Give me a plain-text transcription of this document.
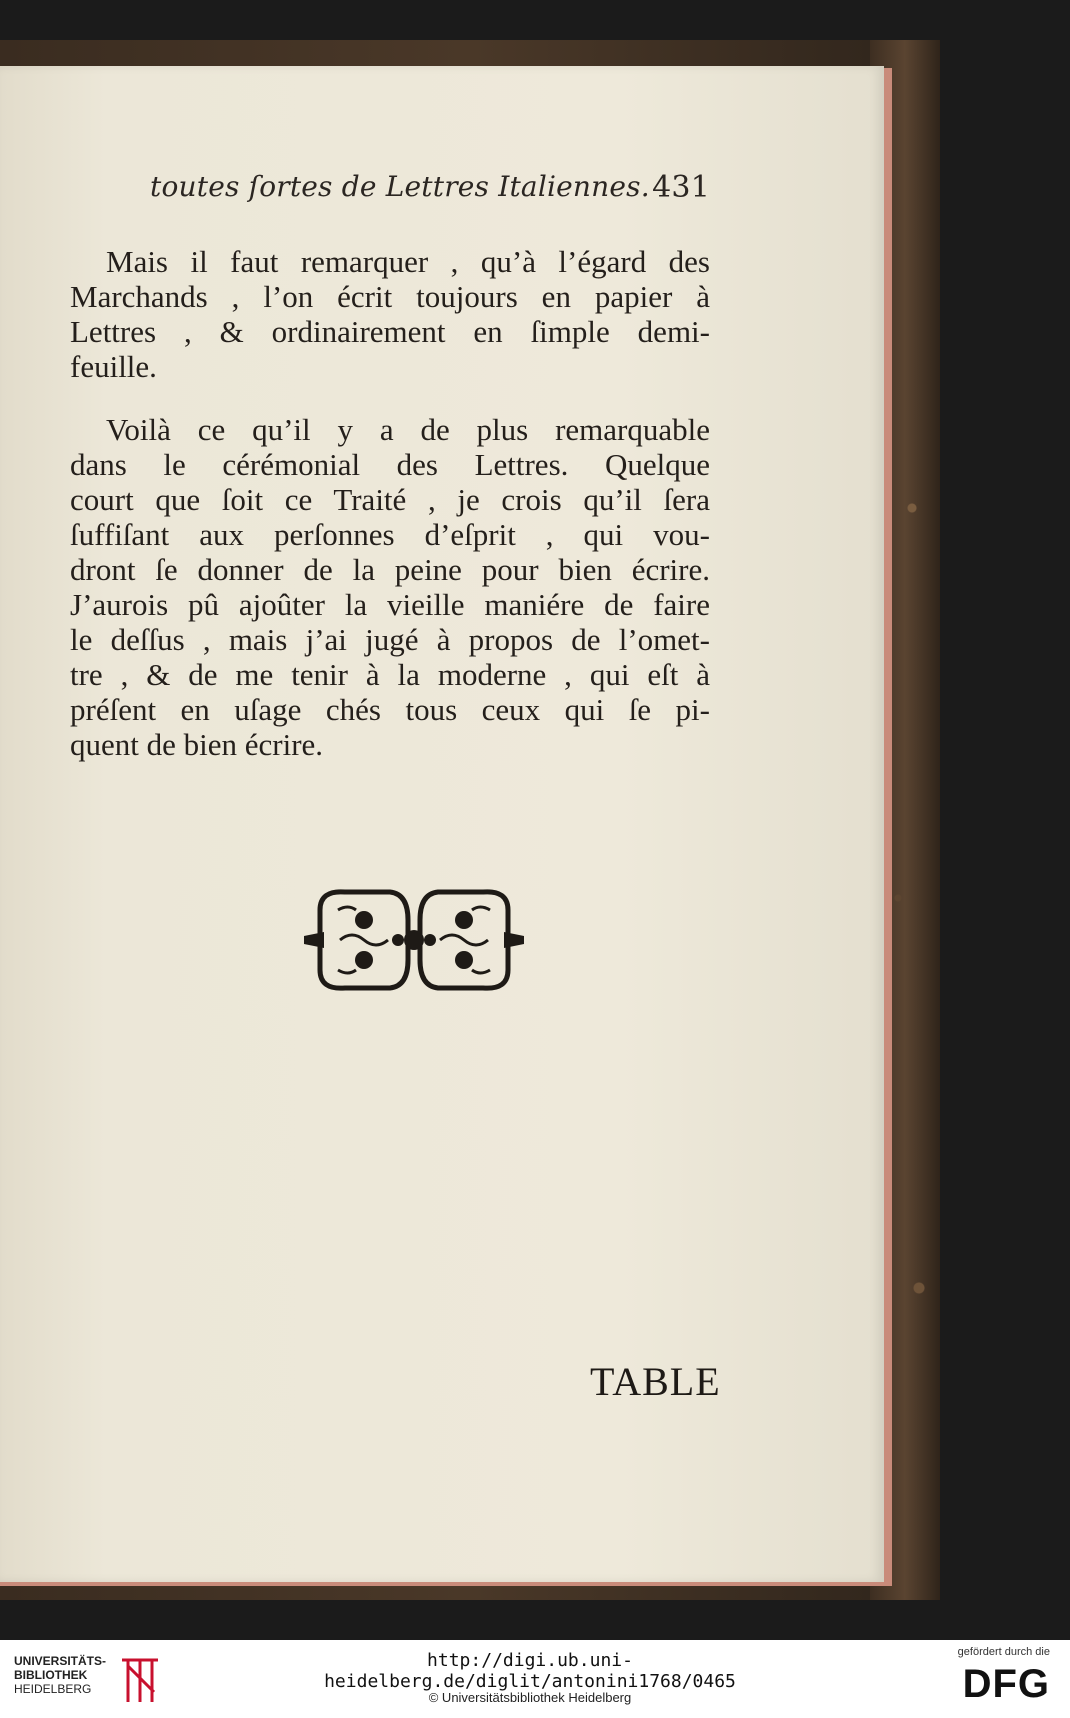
toutes ſortes de Lettres Italiennes. 431
Mais il faut remarquer , qu’à l’égard des
Marchands , l’on écrit toujours en papier à
Lettres , & ordinairement en ſimple demi-
feuille.
Voilà ce qu’il y a de plus remarquable
dans le cérémonial des Lettres. Quelque
court que ſoit ce Traité , je crois qu’il ſera
ſuffiſant aux perſonnes d’eſprit , qui vou-
dront ſe donner de la peine pour bien écrire.
J’aurois pû ajoûter la vieille maniére de faire
le deſſus , mais j’ai jugé à propos de l’omet-
tre , & de me tenir à la moderne , qui eſt à
préſent en uſage chés tous ceux qui ſe pi-
quent de bien écrire.
TABLE
UNIVERSITÄTS-
BIBLIOTHEK
HEIDELBERG
http://digi.ub.uni-heidelberg.de/diglit/antonini1768/0465
© Universitätsbibliothek Heidelberg
gefördert durch die
DFG
